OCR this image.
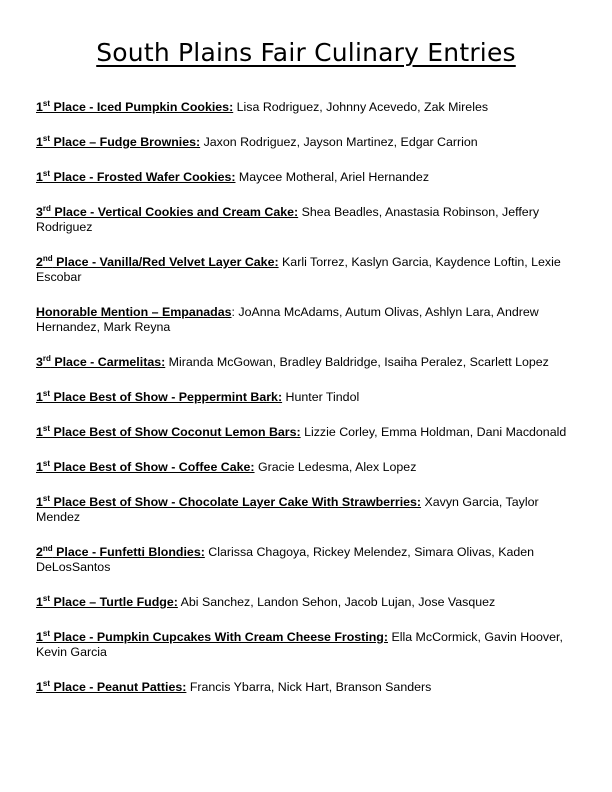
South Plains Fair Culinary Entries

1st Place - Iced Pumpkin Cookies: Lisa Rodriguez, Johnny Acevedo, Zak Mireles

1st Place – Fudge Brownies: Jaxon Rodriguez, Jayson Martinez, Edgar Carrion

1st Place - Frosted Wafer Cookies: Maycee Motheral, Ariel Hernandez

3rd Place - Vertical Cookies and Cream Cake: Shea Beadles, Anastasia Robinson, Jeffery Rodriguez

2nd Place - Vanilla/Red Velvet Layer Cake: Karli Torrez, Kaslyn Garcia, Kaydence Loftin, Lexie Escobar

Honorable Mention – Empanadas: JoAnna McAdams, Autum Olivas, Ashlyn Lara, Andrew Hernandez, Mark Reyna

3rd Place - Carmelitas: Miranda McGowan, Bradley Baldridge, Isaiha Peralez, Scarlett Lopez

1st Place Best of Show - Peppermint Bark: Hunter Tindol

1st Place Best of Show Coconut Lemon Bars: Lizzie Corley, Emma Holdman, Dani Macdonald

1st Place Best of Show - Coffee Cake: Gracie Ledesma, Alex Lopez

1st Place Best of Show - Chocolate Layer Cake With Strawberries: Xavyn Garcia, Taylor Mendez

2nd Place - Funfetti Blondies: Clarissa Chagoya, Rickey Melendez, Simara Olivas, Kaden DeLosSantos

1st Place – Turtle Fudge: Abi Sanchez, Landon Sehon, Jacob Lujan, Jose Vasquez

1st Place - Pumpkin Cupcakes With Cream Cheese Frosting: Ella McCormick, Gavin Hoover, Kevin Garcia

1st Place - Peanut Patties: Francis Ybarra, Nick Hart, Branson Sanders
